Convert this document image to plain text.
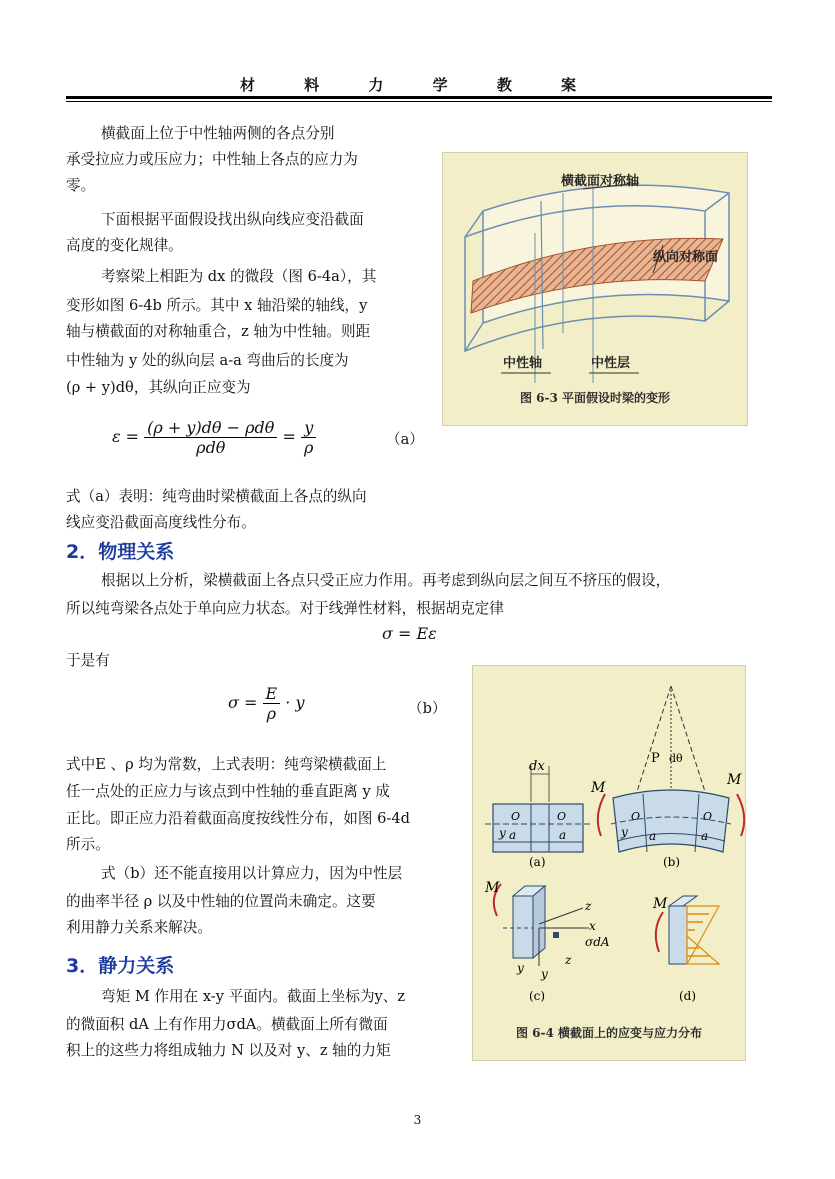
材 料 力 学 教 案
横截面上位于中性轴两侧的各点分别
承受拉应力或压应力；中性轴上各点的应力为
零。
下面根据平面假设找出纵向线应变沿截面
高度的变化规律。
考察梁上相距为 dx 的微段（图 6-4a），其
变形如图 6-4b 所示。其中 x 轴沿梁的轴线，y
轴与横截面的对称轴重合，z 轴为中性轴。则距
中性轴为 y 处的纵向层 a-a 弯曲后的长度为
(ρ + y)dθ，其纵向正应变为
$\varepsilon = \frac{\text{(ρ + y)dθ − ρdθ}}{\text{ρdθ}} = \frac{y}{\rho}$	（a）
式（a）表明：纯弯曲时梁横截面上各点的纵向
线应变沿截面高度线性分布。
2．物理关系
根据以上分析，梁横截面上各点只受正应力作用。再考虑到纵向层之间互不挤压的假设，
所以纯弯梁各点处于单向应力状态。对于线弹性材料，根据胡克定律
σ = Eε
于是有
$\sigma = \frac{E}{\rho} \cdot y$	（b）
式中E 、ρ 均为常数，上式表明：纯弯梁横截面上
任一点处的正应力与该点到中性轴的垂直距离 y 成
正比。即正应力沿着截面高度按线性分布，如图 6-4d
所示。
式（b）还不能直接用以计算应力，因为中性层
的曲率半径 ρ 以及中性轴的位置尚未确定。这要
利用静力关系来解决。
3．静力关系
弯矩 M 作用在 x-y 平面内。截面上坐标为y、z
的微面积 dA 上有作用力σdA。横截面上所有微面
积上的这些力将组成轴力 N 以及对 y、z 轴的力矩
横截面对称轴
纵向对称面
中性轴	中性层
图 6-3 平面假设时梁的变形
dx
O	O
y a	a
(a)
P dθ
M	M
O	O
y a	a
(b)
M
z
x
σdA
z
y y
(c)
M
(d)
图 6-4 横截面上的应变与应力分布
3
